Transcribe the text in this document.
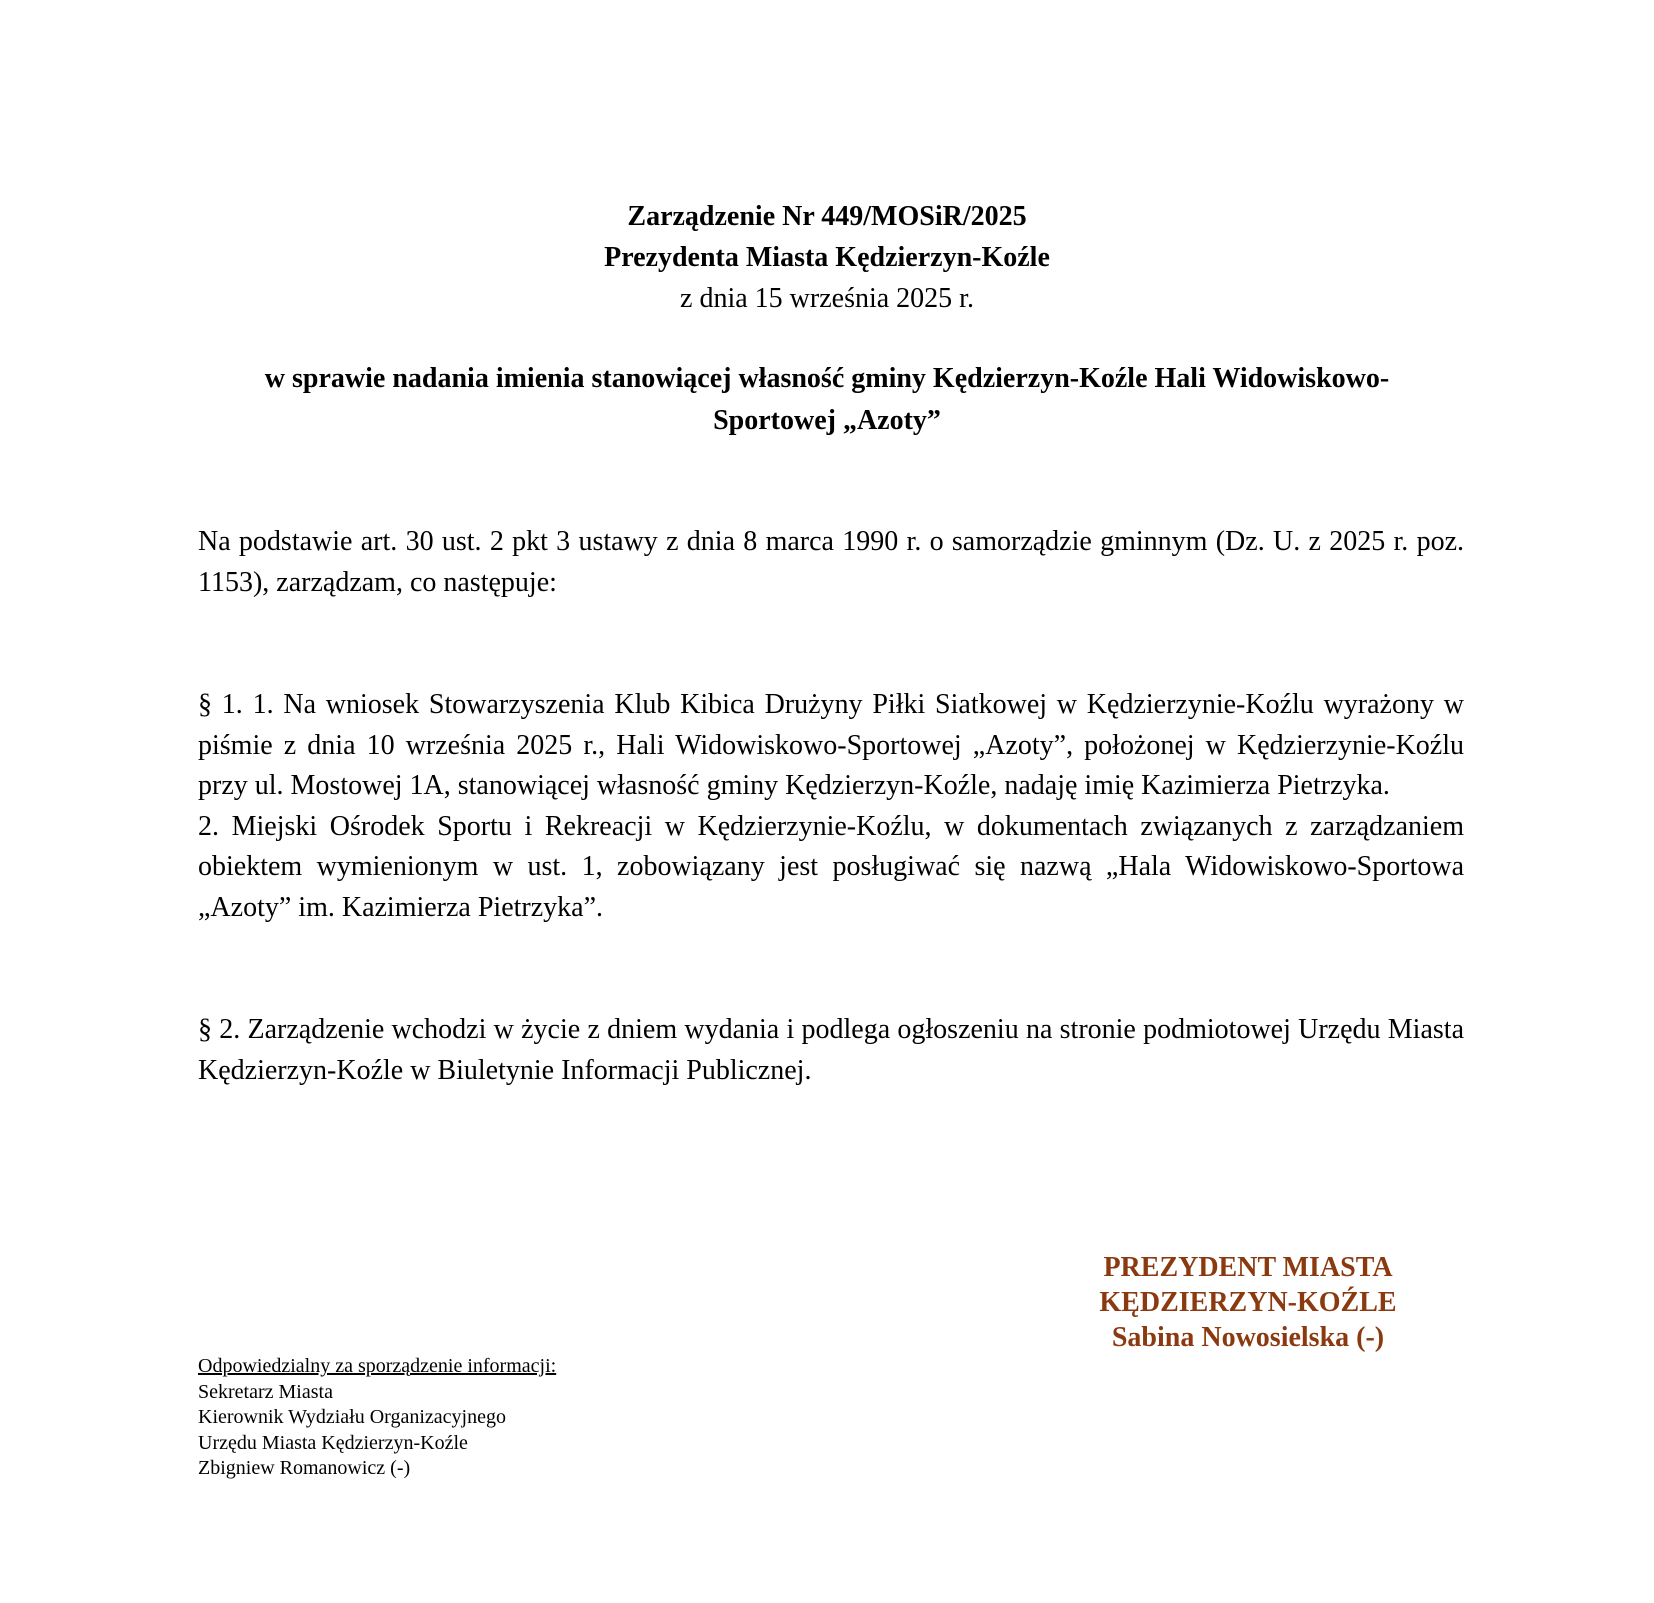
Zarządzenie Nr 449/MOSiR/2025
Prezydenta Miasta Kędzierzyn-Koźle
z dnia 15 września 2025 r.
w sprawie nadania imienia stanowiącej własność gminy Kędzierzyn-Koźle Hali Widowiskowo-
Sportowej „Azoty”

Na podstawie art. 30 ust. 2 pkt 3 ustawy z dnia 8 marca 1990 r. o samorządzie gminnym (Dz. U. z 2025 r. poz. 1153), zarządzam, co następuje:

§ 1. 1. Na wniosek Stowarzyszenia Klub Kibica Drużyny Piłki Siatkowej w Kędzierzynie-Koźlu wyrażony w piśmie z dnia 10 września 2025 r., Hali Widowiskowo-Sportowej „Azoty”, położonej w Kędzierzynie-Koźlu przy ul. Mostowej 1A, stanowiącej własność gminy Kędzierzyn-Koźle, nadaję imię Kazimierza Pietrzyka.

2. Miejski Ośrodek Sportu i Rekreacji w Kędzierzynie-Koźlu, w dokumentach związanych z zarządzaniem obiektem wymienionym w ust. 1, zobowiązany jest posługiwać się nazwą „Hala Widowiskowo-Sportowa „Azoty” im. Kazimierza Pietrzyka”.

§ 2. Zarządzenie wchodzi w życie z dniem wydania i podlega ogłoszeniu na stronie podmiotowej Urzędu Miasta Kędzierzyn-Koźle w Biuletynie Informacji Publicznej.

PREZYDENT MIASTA
KĘDZIERZYN-KOŹLE
Sabina Nowosielska (-)
Odpowiedzialny za sporządzenie informacji:
Sekretarz Miasta
Kierownik Wydziału Organizacyjnego
Urzędu Miasta Kędzierzyn-Koźle
Zbigniew Romanowicz (-)
